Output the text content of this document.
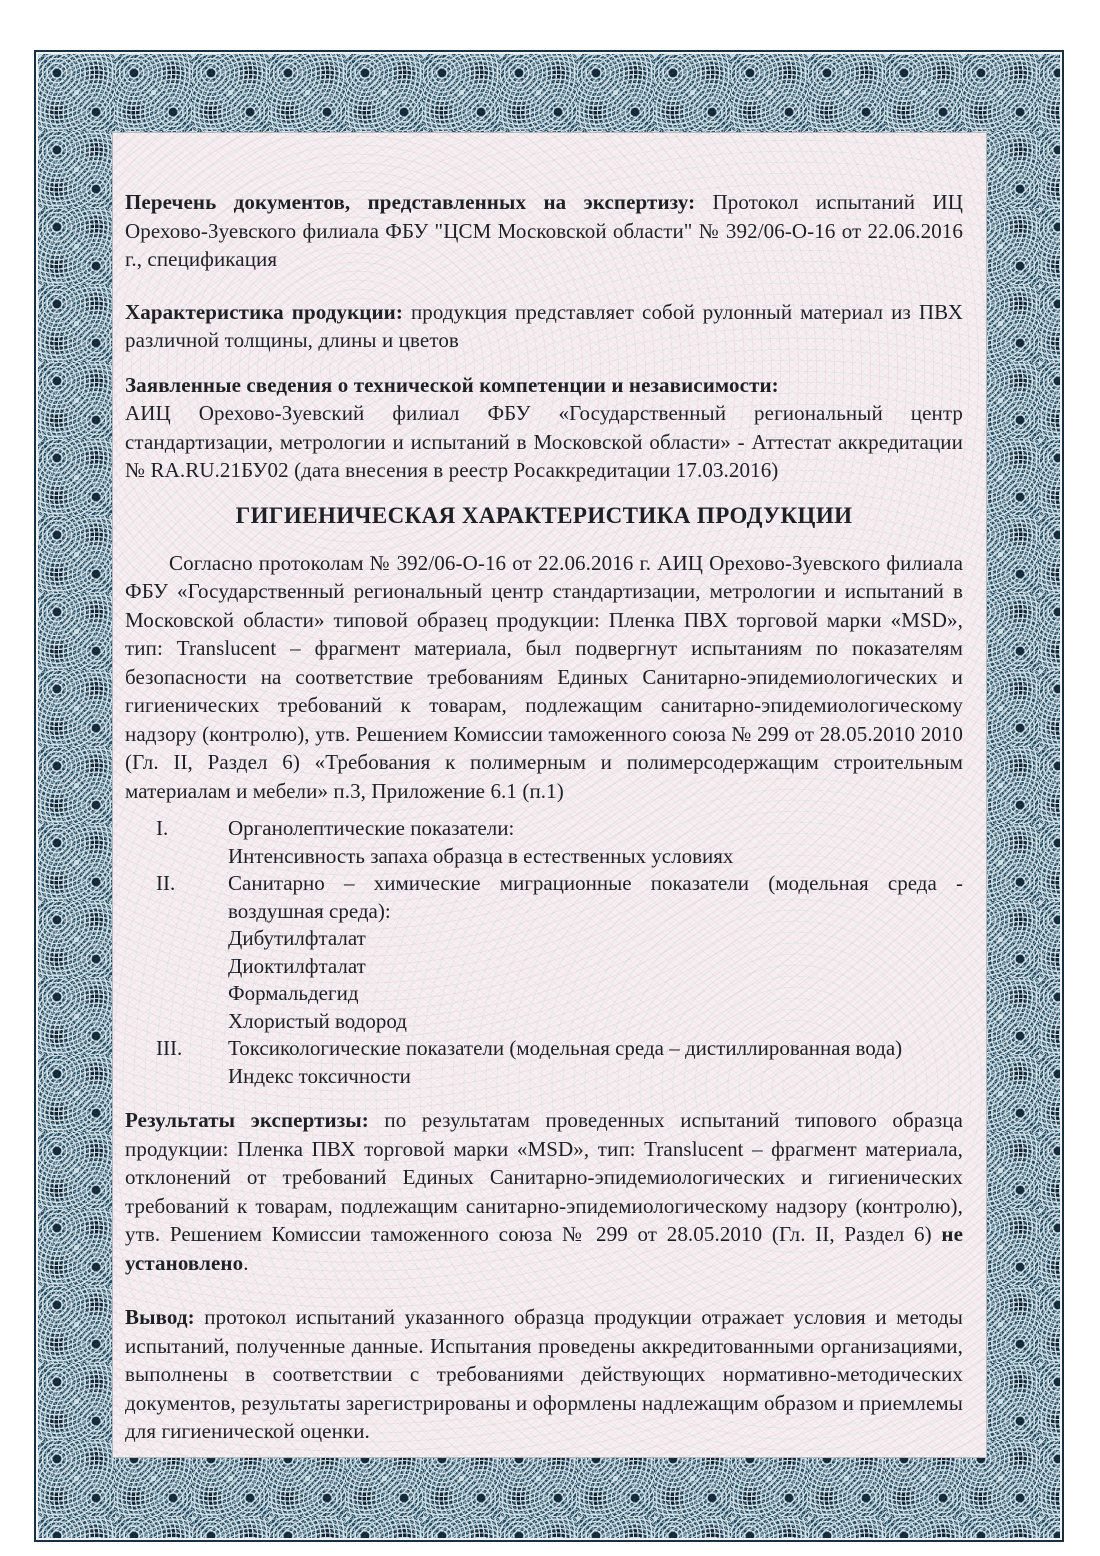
Перечень документов, представленных на экспертизу: Протокол испытаний ИЦ Орехово-Зуевского филиала ФБУ "ЦСМ Московской области" № 392/06-О-16 от 22.06.2016 г., спецификация

Характеристика продукции: продукция представляет собой рулонный материал из ПВХ различной толщины, длины и цветов

Заявленные сведения о технической компетенции и независимости:
АИЦ Орехово-Зуевский филиал ФБУ «Государственный региональный центр стандартизации, метрологии и испытаний в Московской области» - Аттестат аккредитации № RA.RU.21БУ02 (дата внесения в реестр Росаккредитации 17.03.2016)

ГИГИЕНИЧЕСКАЯ ХАРАКТЕРИСТИКА ПРОДУКЦИИ

Согласно протоколам № 392/06-О-16 от 22.06.2016 г. АИЦ Орехово-Зуевского филиала ФБУ «Государственный региональный центр стандартизации, метрологии и испытаний в Московской области» типовой образец продукции: Пленка ПВХ торговой марки «MSD», тип: Translucent – фрагмент материала, был подвергнут испытаниям по показателям безопасности на соответствие требованиям Единых Санитарно-эпидемиологических и гигиенических требований к товарам, подлежащим санитарно-эпидемиологическому надзору (контролю), утв. Решением Комиссии таможенного союза № 299 от 28.05.2010 2010 (Гл. II, Раздел 6) «Требования к полимерным и полимерсодержащим строительным материалам и мебели» п.3, Приложение 6.1 (п.1)

I.	Органолептические показатели:
Интенсивность запаха образца в естественных условиях
II.	Санитарно – химические миграционные показатели (модельная среда - воздушная среда):
Дибутилфталат
Диоктилфталат
Формальдегид
Хлористый водород
III.	Токсикологические показатели (модельная среда – дистиллированная вода)
Индекс токсичности

Результаты экспертизы: по результатам проведенных испытаний типового образца продукции: Пленка ПВХ торговой марки «MSD», тип: Translucent – фрагмент материала, отклонений от требований Единых Санитарно-эпидемиологических и гигиенических требований к товарам, подлежащим санитарно-эпидемиологическому надзору (контролю), утв. Решением Комиссии таможенного союза № 299 от 28.05.2010 (Гл. II, Раздел 6) не установлено.

Вывод: протокол испытаний указанного образца продукции отражает условия и методы испытаний, полученные данные. Испытания проведены аккредитованными организациями, выполнены в соответствии с требованиями действующих нормативно-методических документов, результаты зарегистрированы и оформлены надлежащим образом и приемлемы для гигиенической оценки.
